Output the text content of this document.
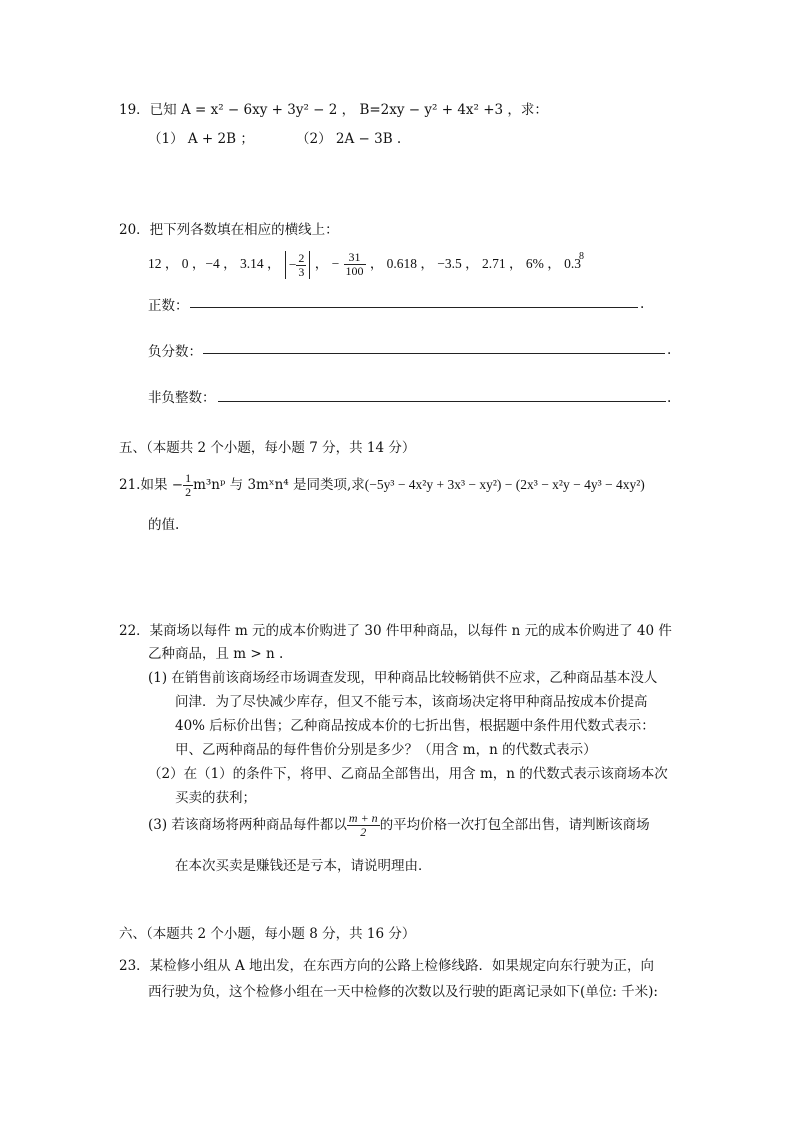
19．已知 A = x² − 6xy + 3y² − 2 ， B=2xy − y² + 4x² +3 ，求：
（1） A + 2B ；	（2） 2A − 3B .
20．把下列各数填在相应的横线上：
12 ， 0 ，−4 ， 3.14 ， − $\frac{2}{3}$ ， − $\frac{31}{100}$ ， 0.618 ， −3.5 ， 2.71 ， 6% ， $0.3^8$
正数：	.
负分数：	.
非负整数：	.
五、（本题共 2 个小题，每小题 7 分，共 14 分）
21.如果 − $\frac{1}{2}$ m³nᵖ 与 3mˣn⁴ 是同类项,求(−5y³ − 4x²y + 3x³ − xy²) − (2x³ − x²y − 4y³ − 4xy²)
的值.
22．某商场以每件 m 元的成本价购进了 30 件甲种商品，以每件 n 元的成本价购进了 40 件
乙种商品，且 m > n .
(1) 在销售前该商场经市场调查发现，甲种商品比较畅销供不应求，乙种商品基本没人
问津．为了尽快减少库存，但又不能亏本，该商场决定将甲种商品按成本价提高
40% 后标价出售；乙种商品按成本价的七折出售，根据题中条件用代数式表示：
甲、乙两种商品的每件售价分别是多少？（用含 m，n 的代数式表示）
（2）在（1）的条件下，将甲、乙商品全部售出，用含 m，n 的代数式表示该商场本次
买卖的获利；
(3) 若该商场将两种商品每件都以 $\frac{m + n}{2}$ 的平均价格一次打包全部出售，请判断该商场
在本次买卖是赚钱还是亏本，请说明理由．
六、（本题共 2 个小题，每小题 8 分，共 16 分）
23．某检修小组从 A 地出发，在东西方向的公路上检修线路．如果规定向东行驶为正，向
西行驶为负，这个检修小组在一天中检修的次数以及行驶的距离记录如下(单位: 千米):
